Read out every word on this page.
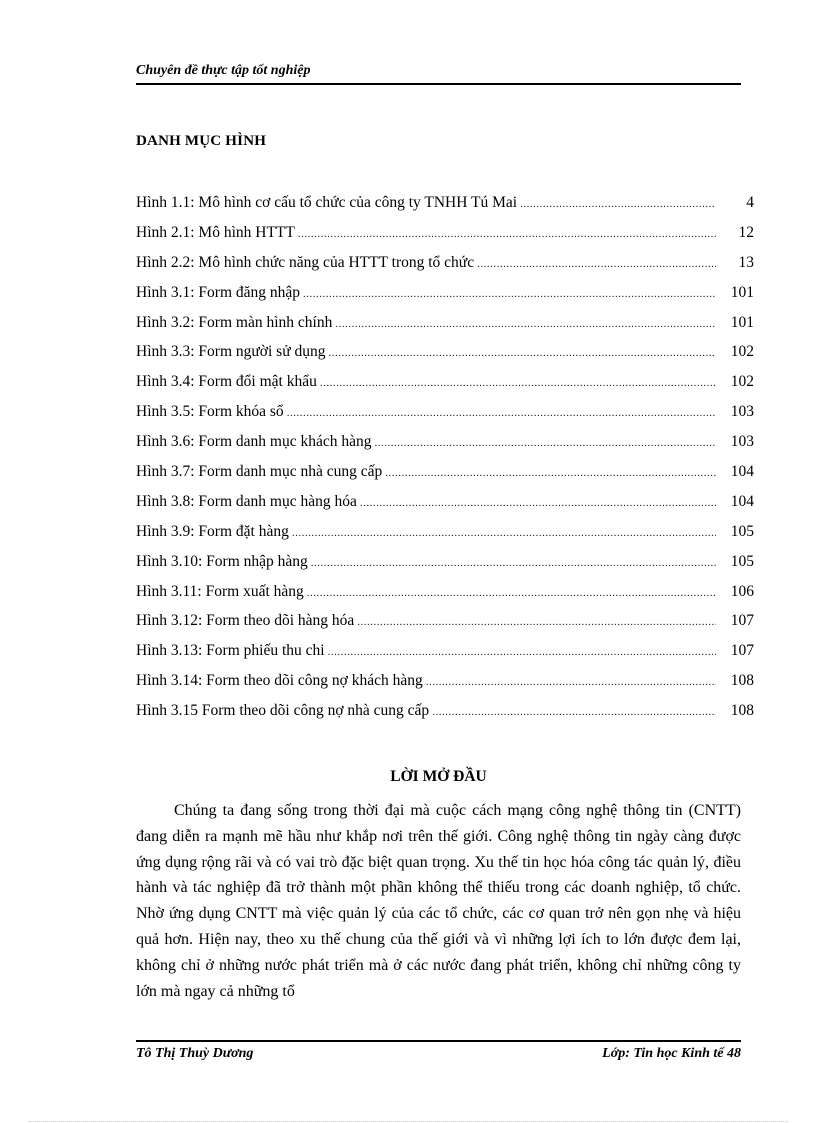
Chuyên đề thực tập tốt nghiệp
DANH MỤC HÌNH
Hình 1.1: Mô hình cơ cấu tổ chức của công ty TNHH Tú Mai .....	4
Hình 2.1: Mô hình HTTT .....	12
Hình 2.2: Mô hình chức năng của HTTT trong tổ chức .....	13
Hình 3.1: Form đăng nhập .....	101
Hình 3.2: Form màn hình chính .....	101
Hình 3.3: Form người sử dụng .....	102
Hình 3.4: Form đổi mật khẩu .....	102
Hình 3.5: Form khóa sổ .....	103
Hình 3.6: Form danh mục khách hàng .....	103
Hình 3.7: Form danh mục nhà cung cấp .....	104
Hình 3.8: Form danh mục hàng hóa .....	104
Hình 3.9: Form đặt hàng .....	105
Hình 3.10: Form nhập hàng .....	105
Hình 3.11: Form xuất hàng .....	106
Hình 3.12: Form theo dõi hàng hóa .....	107
Hình 3.13: Form phiếu thu chi .....	107
Hình 3.14: Form theo dõi công nợ khách hàng .....	108
Hình 3.15 Form theo dõi công nợ nhà cung cấp .....	108
LỜI MỞ ĐẦU

Chúng ta đang sống trong thời đại mà cuộc cách mạng công nghệ thông tin (CNTT) đang diễn ra mạnh mẽ hầu như khắp nơi trên thế giới. Công nghệ thông tin ngày càng được ứng dụng rộng rãi và có vai trò đặc biệt quan trọng. Xu thế tin học hóa công tác quản lý, điều hành và tác nghiệp đã trở thành một phần không thể thiếu trong các doanh nghiệp, tổ chức. Nhờ ứng dụng CNTT mà việc quản lý của các tổ chức, các cơ quan trở nên gọn nhẹ và hiệu quả hơn. Hiện nay, theo xu thế chung của thế giới và vì những lợi ích to lớn được đem lại, không chỉ ở những nước phát triển mà ở các nước đang phát triển, không chỉ những công ty lớn mà ngay cả những tổ

Tô Thị Thuỳ Dương	Lớp: Tin học Kinh tế 48
